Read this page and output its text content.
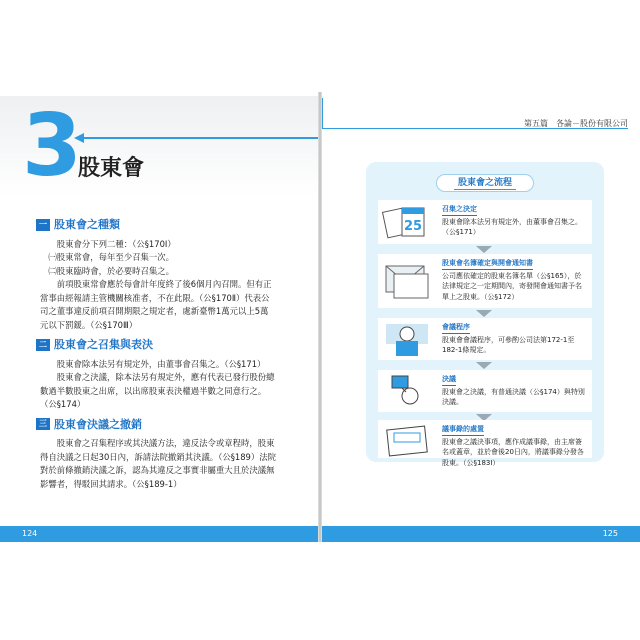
3
股東會
一 股東會之種類
股東會分下列二種：（公§170Ⅰ）
㈠股東常會，每年至少召集一次。
㈡股東臨時會，於必要時召集之。
前項股東常會應於每會計年度終了後6個月內召開。但有正當事由經報請主管機關核准者，不在此限。（公§170Ⅱ）代表公司之董事違反前項召開期限之規定者，處新臺幣1萬元以上5萬元以下罰鍰。（公§170Ⅲ）
二 股東會之召集與表決
股東會除本法另有規定外，由董事會召集之。（公§171）
股東會之決議，除本法另有規定外，應有代表已發行股份總數過半數股東之出席，以出席股東表決權過半數之同意行之。（公§174）
三 股東會決議之撤銷
股東會之召集程序或其決議方法，違反法令或章程時，股東得自決議之日起30日內，訴請法院撤銷其決議。（公§189）法院對於前條撤銷決議之訴，認為其違反之事實非屬重大且於決議無影響者，得駁回其請求。（公§189-1）
124
第五篇　各論－股份有限公司
股東會之流程
25
召集之決定
股東會除本法另有規定外，由董事會召集之。（公§171）
股東會名簿確定與開會通知書
公司應依確定的股東名簿名單（公§165），於法律規定之一定期間內，寄發開會通知書予名單上之股東。（公§172）
會議程序
股東會會議程序，可參酌公司法第172-1至182-1條規定。
決議
股東會之決議，有普通決議（公§174）與特別決議。
議事錄的處置
股東會之議決事項，應作成議事錄，由主席簽名或蓋章，並於會後20日內，將議事錄分發各股東。（公§183Ⅰ）
125
